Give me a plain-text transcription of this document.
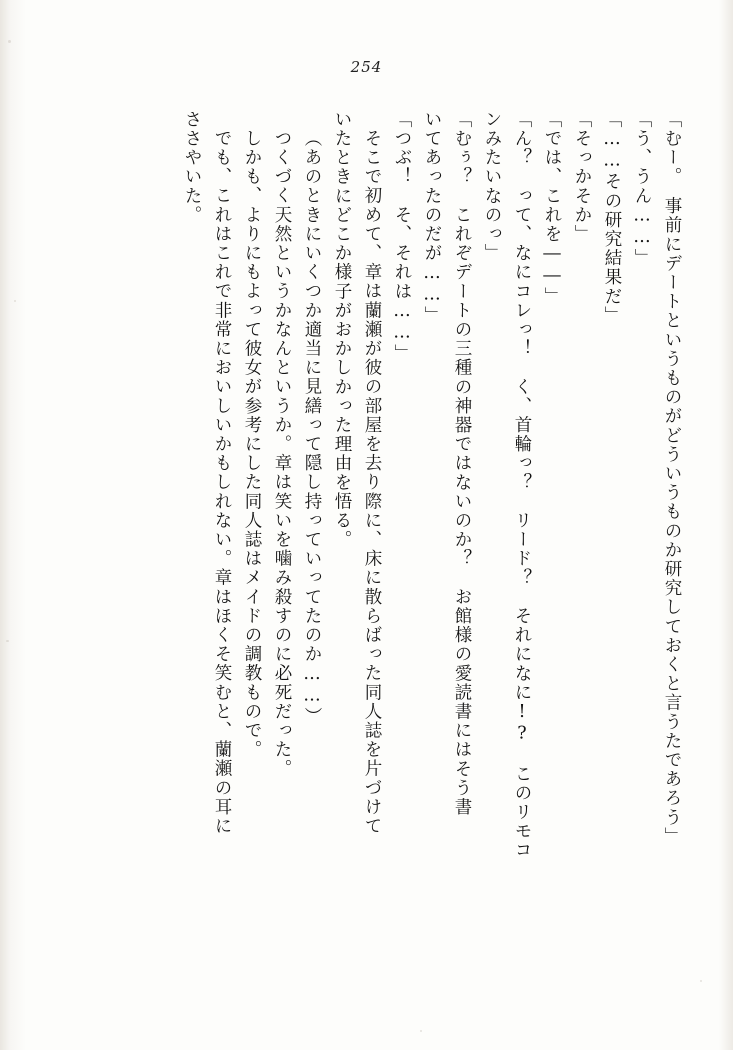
254
「むー。　事前にデートというものがどういうものか研究しておくと言うたであろう」
「う、うん……」
「……その研究結果だ」
「そっかそか」
「では、これを――」
「ん？　って、なにコレっ！　く、首輪っ？　リード？　それになに!?　このリモコ
ンみたいなのっ」
「むぅ？　これぞデートの三種の神器ではないのか？　お館様の愛読書にはそう書
いてあったのだが……」
「つぶ！　そ、それは……」
そこで初めて、章は蘭瀬が彼の部屋を去り際に、床に散らばった同人誌を片づけて
いたときにどこか様子がおかしかった理由を悟る。
（あのときにいくつか適当に見繕って隠し持っていってたのか……）
つくづく天然というかなんというか。章は笑いを噛み殺すのに必死だった。
しかも、よりにもよって彼女が参考にした同人誌はメイドの調教もので。
でも、これはこれで非常においしいかもしれない。章はほくそ笑むと、蘭瀬の耳に
ささやいた。
